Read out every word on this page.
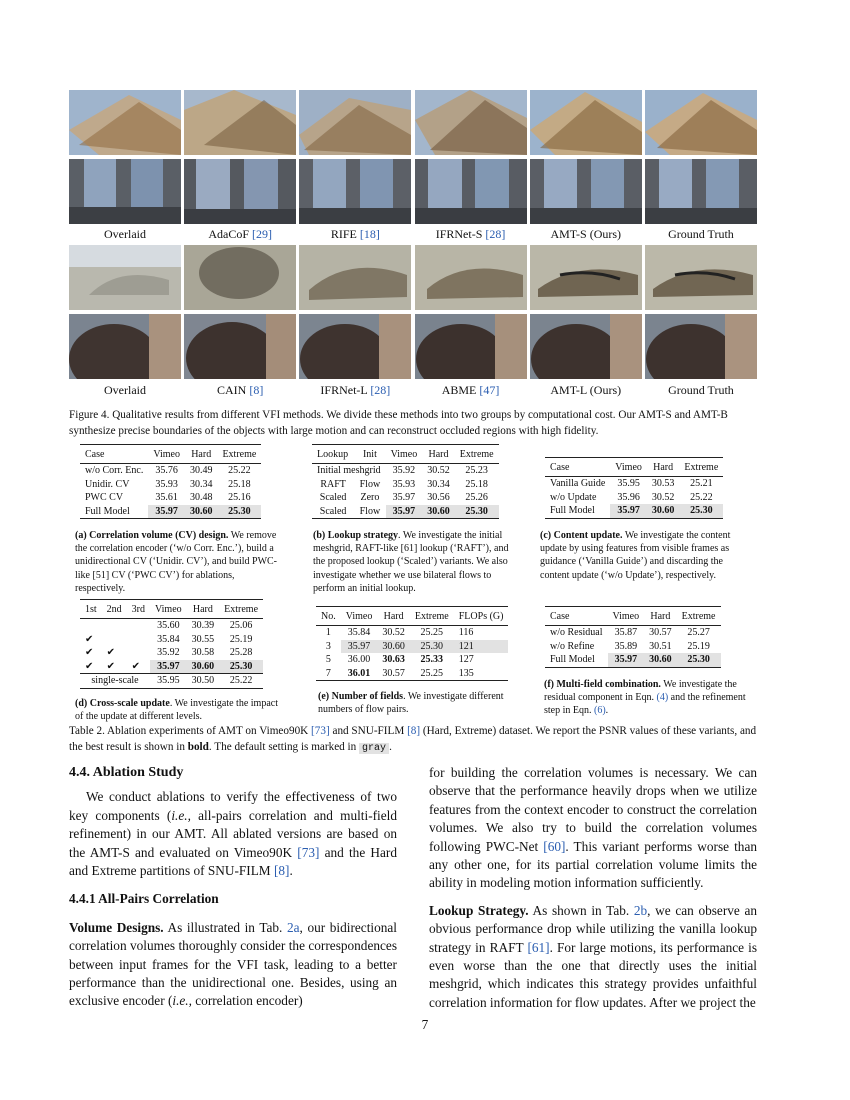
Overlaid	AdaCoF [29]	RIFE [18]	IFRNet-S [28]	AMT-S (Ours)	Ground Truth
Overlaid	CAIN [8]	IFRNet-L [28]	ABME [47]	AMT-L (Ours)	Ground Truth
Figure 4. Qualitative results from different VFI methods. We divide these methods into two groups by computational cost. Our AMT-S and AMT-B synthesize precise boundaries of the objects with large motion and can reconstruct occluded regions with high fidelity.
Case	Vimeo	Hard	Extreme
w/o Corr. Enc.	35.76	30.49	25.22
Unidir. CV	35.93	30.34	25.18
PWC CV	35.61	30.48	25.16
Full Model	35.97	30.60	25.30
(a) Correlation volume (CV) design. We remove the correlation encoder (‘w/o Corr. Enc.’), build a unidirectional CV (‘Unidir. CV’), and build PWC-like [51] CV (‘PWC CV’) for ablations, respectively.
Lookup	Init	Vimeo	Hard	Extreme
Initial meshgrid		35.92	30.52	25.23
RAFT	Flow	35.93	30.34	25.18
Scaled	Zero	35.97	30.56	25.26
Scaled	Flow	35.97	30.60	25.30
(b) Lookup strategy. We investigate the initial meshgrid, RAFT-like [61] lookup (‘RAFT’), and the proposed lookup (‘Scaled’) variants. We also investigate whether we use bilateral flows to perform an initial lookup.
Case	Vimeo	Hard	Extreme
Vanilla Guide	35.95	30.53	25.21
w/o Update	35.96	30.52	25.22
Full Model	35.97	30.60	25.30
(c) Content update. We investigate the content update by using features from visible frames as guidance (‘Vanilla Guide’) and discarding the content update (‘w/o Update’), respectively.
1st	2nd	3rd	Vimeo	Hard	Extreme
			35.60	30.39	25.06
✔			35.84	30.55	25.19
✔	✔		35.92	30.58	25.28
✔	✔	✔	35.97	30.60	25.30
single-scale			35.95	30.50	25.22
(d) Cross-scale update. We investigate the impact of the update at different levels.
No.	Vimeo	Hard	Extreme	FLOPs (G)
1	35.84	30.52	25.25	116
3	35.97	30.60	25.30	121
5	36.00	30.63	25.33	127
7	36.01	30.57	25.25	135
(e) Number of fields. We investigate different numbers of flow pairs.
Case	Vimeo	Hard	Extreme
w/o Residual	35.87	30.57	25.27
w/o Refine	35.89	30.51	25.19
Full Model	35.97	30.60	25.30
(f) Multi-field combination. We investigate the residual component in Eqn. (4) and the refinement step in Eqn. (6).
Table 2. Ablation experiments of AMT on Vimeo90K [73] and SNU-FILM [8] (Hard, Extreme) dataset. We report the PSNR values of these variants, and the best result is shown in bold. The default setting is marked in gray .

4.4. Ablation Study

We conduct ablations to verify the effectiveness of two key components (i.e., all-pairs correlation and multi-field refinement) in our AMT. All ablated versions are based on the AMT-S and evaluated on Vimeo90K [73] and the Hard and Extreme partitions of SNU-FILM [8].

4.4.1 All-Pairs Correlation

Volume Designs. As illustrated in Tab. 2a, our bidirectional correlation volumes thoroughly consider the correspondences between input frames for the VFI task, leading to a better performance than the unidirectional one. Besides, using an exclusive encoder (i.e., correlation encoder)

for building the correlation volumes is necessary. We can observe that the performance heavily drops when we utilize features from the context encoder to construct the correlation volumes. We also try to build the correlation volumes following PWC-Net [60]. This variant performs worse than any other one, for its partial correlation volume limits the ability in modeling motion information sufficiently.

Lookup Strategy. As shown in Tab. 2b, we can observe an obvious performance drop while utilizing the vanilla lookup strategy in RAFT [61]. For large motions, its performance is even worse than the one that directly uses the initial meshgrid, which indicates this strategy provides unfaithful correlation information for flow updates. After we project the

7
